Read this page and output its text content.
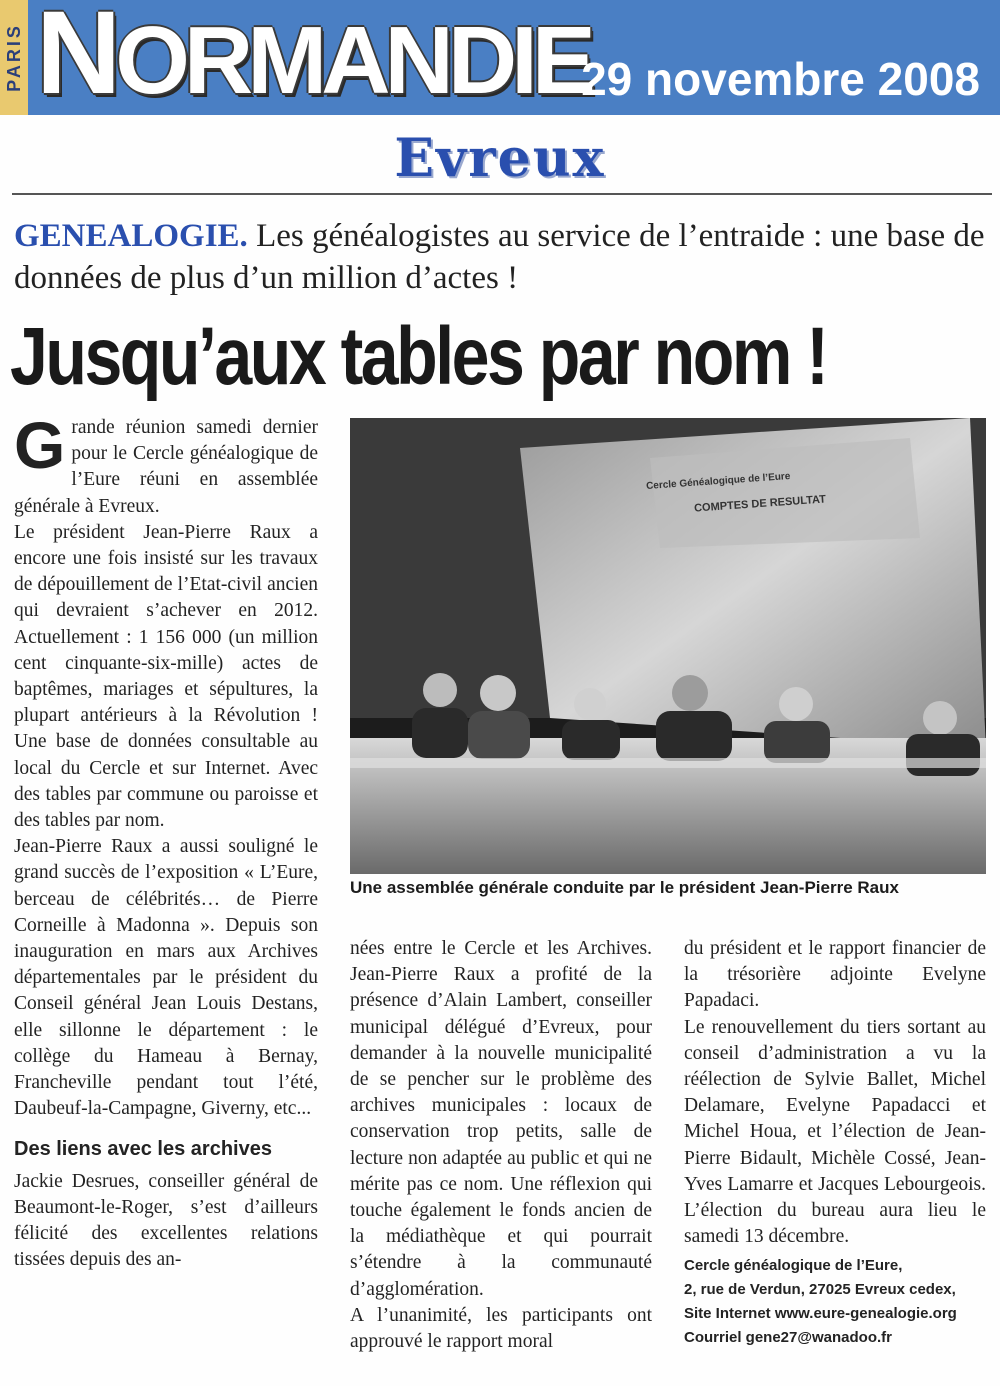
PARIS NORMANDIE
29 novembre 2008
Evreux
GENEALOGIE. Les généalogistes au service de l’entraide : une base de données de plus d’un million d’actes !
Jusqu’aux tables par nom !
G rande réunion samedi dernier pour le Cercle généalogique de l’Eure réuni en assemblée générale à Evreux.

Le président Jean-Pierre Raux a encore une fois insisté sur les travaux de dépouillement de l’Etat-civil ancien qui devraient s’achever en 2012. Actuellement : 1 156 000 (un million cent cinquante-six-mille) actes de baptêmes, mariages et sépultures, la plupart antérieurs à la Révolution ! Une base de données consultable au local du Cercle et sur Internet. Avec des tables par commune ou paroisse et des tables par nom.

Jean-Pierre Raux a aussi souligné le grand succès de l’exposition « L’Eure, berceau de célébrités… de Pierre Corneille à Madonna ». Depuis son inauguration en mars aux Archives départementales par le président du Conseil général Jean Louis Destans, elle sillonne le département : le collège du Hameau à Bernay, Francheville pendant tout l’été, Daubeuf-la-Campagne, Giverny, etc...

Des liens avec les archives

Jackie Desrues, conseiller général de Beaumont-le-Roger, s’est d’ailleurs félicité des excellentes relations tissées depuis des an-

Cercle Généalogique de l’Eure
COMPTES DE RESULTAT
Une assemblée générale conduite par le président Jean-Pierre Raux

nées entre le Cercle et les Archives. Jean-Pierre Raux a profité de la présence d’Alain Lambert, conseiller municipal délégué d’Evreux, pour demander à la nouvelle municipalité de se pencher sur le problème des archives municipales : locaux de conservation trop petits, salle de lecture non adaptée au public et qui ne mérite pas ce nom. Une réflexion qui touche également le fonds ancien de la médiathèque et qui pourrait s’étendre à la communauté d’agglomération.

A l’unanimité, les participants ont approuvé le rapport moral

du président et le rapport financier de la trésorière adjointe Evelyne Papadaci.

Le renouvellement du tiers sortant au conseil d’administration a vu la réélection de Sylvie Ballet, Michel Delamare, Evelyne Papadacci et Michel Houa, et l’élection de Jean-Pierre Bidault, Michèle Cossé, Jean-Yves Lamarre et Jacques Lebourgeois. L’élection du bureau aura lieu le samedi 13 décembre.

Cercle généalogique de l’Eure,
2, rue de Verdun, 27025 Evreux cedex,
Site Internet www.eure-genealogie.org
Courriel gene27@wanadoo.fr
